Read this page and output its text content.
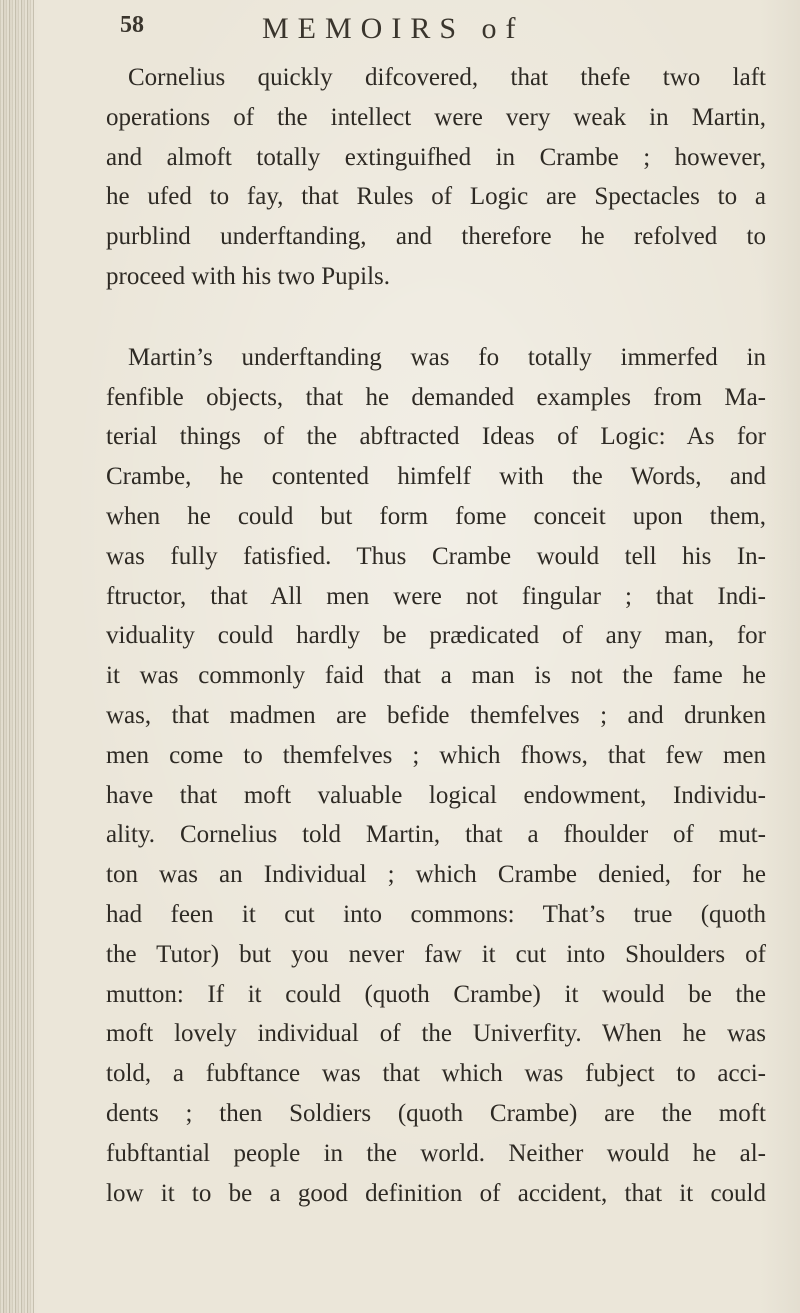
58	MEMOIRS of
Cornelius quickly difcovered, that thefe two laft
operations of the intellect were very weak in Martin,
and almoft totally extinguifhed in Crambe ; however,
he ufed to fay, that Rules of Logic are Spectacles to a
purblind underftanding, and therefore he refolved to
proceed with his two Pupils.
Martin’s underftanding was fo totally immerfed in
fenfible objects, that he demanded examples from Ma-
terial things of the abftracted Ideas of Logic: As for
Crambe, he contented himfelf with the Words, and
when he could but form fome conceit upon them,
was fully fatisfied. Thus Crambe would tell his In-
ftructor, that All men were not fingular ; that Indi-
viduality could hardly be prædicated of any man, for
it was commonly faid that a man is not the fame he
was, that madmen are befide themfelves ; and drunken
men come to themfelves ; which fhows, that few men
have that moft valuable logical endowment, Individu-
ality. Cornelius told Martin, that a fhoulder of mut-
ton was an Individual ; which Crambe denied, for he
had feen it cut into commons: That’s true (quoth
the Tutor) but you never faw it cut into Shoulders of
mutton: If it could (quoth Crambe) it would be the
moft lovely individual of the Univerfity. When he was
told, a fubftance was that which was fubject to acci-
dents ; then Soldiers (quoth Crambe) are the moft
fubftantial people in the world. Neither would he al-
low it to be a good definition of accident, that it could
